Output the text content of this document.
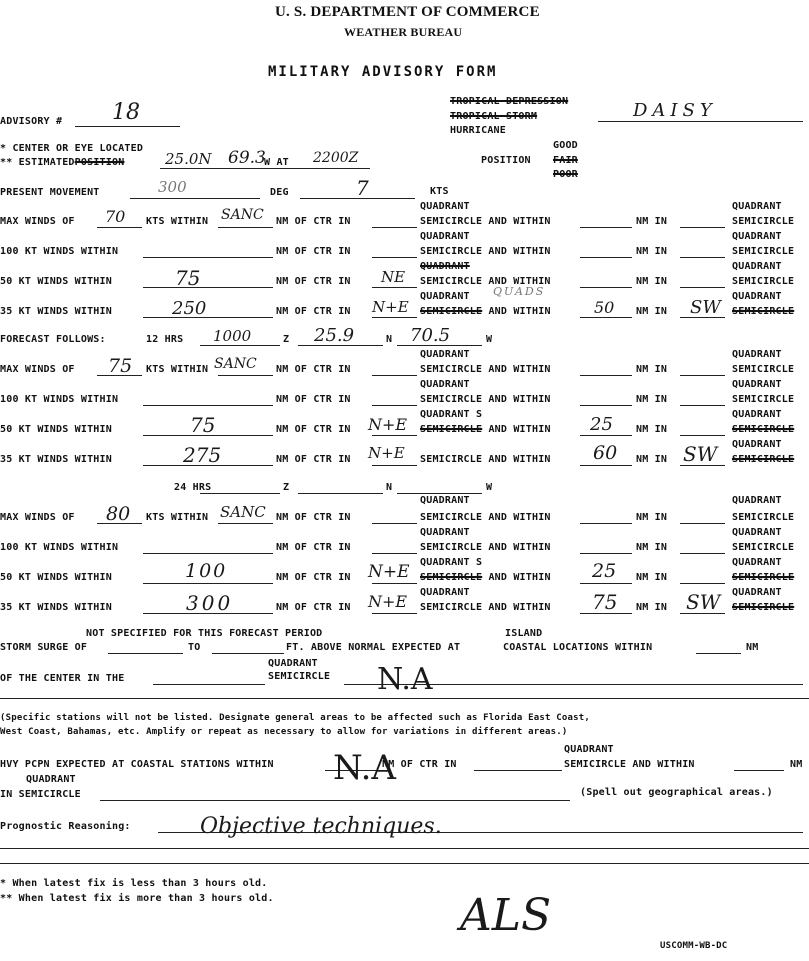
U. S. DEPARTMENT OF COMMERCE
WEATHER BUREAU
MILITARY ADVISORY FORM
ADVISORY # 18	TROPICAL DEPRESSION
TROPICAL STORM
HURRICANE
DAISY
* CENTER OR EYE LOCATED
** ESTIMATEDPOSITION	25.0N 69.3
W AT 2200Z	POSITION
GOOD
FAIR
POOR
PRESENT MOVEMENT	300	DEG	7	KTS
QUADRANT	QUADRANT
MAX WINDS OF 70 KTS WITHIN SANC NM OF CTR IN	SEMICIRCLE AND WITHIN	NM IN	SEMICIRCLE
QUADRANT	QUADRANT
100 KT WINDS WITHIN	NM OF CTR IN	SEMICIRCLE AND WITHIN	NM IN	SEMICIRCLE
QUADRANT	QUADRANT
50 KT WINDS WITHIN	75	NM OF CTR IN NE SEMICIRCLE AND WITHIN	NM IN	SEMICIRCLE
QUADRANT QUADS	QUADRANT
35 KT WINDS WITHIN	250	NM OF CTR IN N+E SEMICIRCLE AND WITHIN	50 NM IN SW SEMICIRCLE
FORECAST FOLLOWS:	12 HRS 1000	Z 25.9	N 70.5	W
QUADRANT	QUADRANT
MAX WINDS OF 75 KTS WITHIN SANC NM OF CTR IN	SEMICIRCLE AND WITHIN	NM IN	SEMICIRCLE
QUADRANT	QUADRANT
100 KT WINDS WITHIN	NM OF CTR IN	SEMICIRCLE AND WITHIN	NM IN	SEMICIRCLE
QUADRANT S	QUADRANT
50 KT WINDS WITHIN	75	NM OF CTR IN N+E SEMICIRCLE AND WITHIN 25 NM IN	SEMICIRCLE
QUADRANT
35 KT WINDS WITHIN	275	NM OF CTR IN N+E SEMICIRCLE AND WITHIN 60 NM IN SW SEMICIRCLE
24 HRS	Z	N	W
QUADRANT	QUADRANT
MAX WINDS OF 80 KTS WITHIN SANC NM OF CTR IN	SEMICIRCLE AND WITHIN	NM IN	SEMICIRCLE
QUADRANT	QUADRANT
100 KT WINDS WITHIN	NM OF CTR IN	SEMICIRCLE AND WITHIN	NM IN	SEMICIRCLE
QUADRANT S	QUADRANT
50 KT WINDS WITHIN	100	NM OF CTR IN N+E SEMICIRCLE AND WITHIN 25 NM IN	SEMICIRCLE
QUADRANT	QUADRANT
35 KT WINDS WITHIN	300	NM OF CTR IN N+E SEMICIRCLE AND WITHIN 75 NM IN SW SEMICIRCLE
NOT SPECIFIED FOR THIS FORECAST PERIOD	ISLAND
STORM SURGE OF	TO	FT. ABOVE NORMAL EXPECTED AT	COASTAL LOCATIONS WITHIN	NM
QUADRANT
OF THE CENTER IN THE	SEMICIRCLE N.A
(Specific stations will not be listed. Designate general areas to be affected such as Florida East Coast,
West Coast, Bahamas, etc. Amplify or repeat as necessary to allow for variations in different areas.)
QUADRANT
HVY PCPN EXPECTED AT COASTAL STATIONS WITHIN	NM OF CTR IN	SEMICIRCLE AND WITHIN	NM
QUADRANT
IN SEMICIRCLE
N.A
(Spell out geographical areas.)
Prognostic Reasoning:	Objective techniques.
* When latest fix is less than 3 hours old.
** When latest fix is more than 3 hours old.	ALS
USCOMM-WB-DC
